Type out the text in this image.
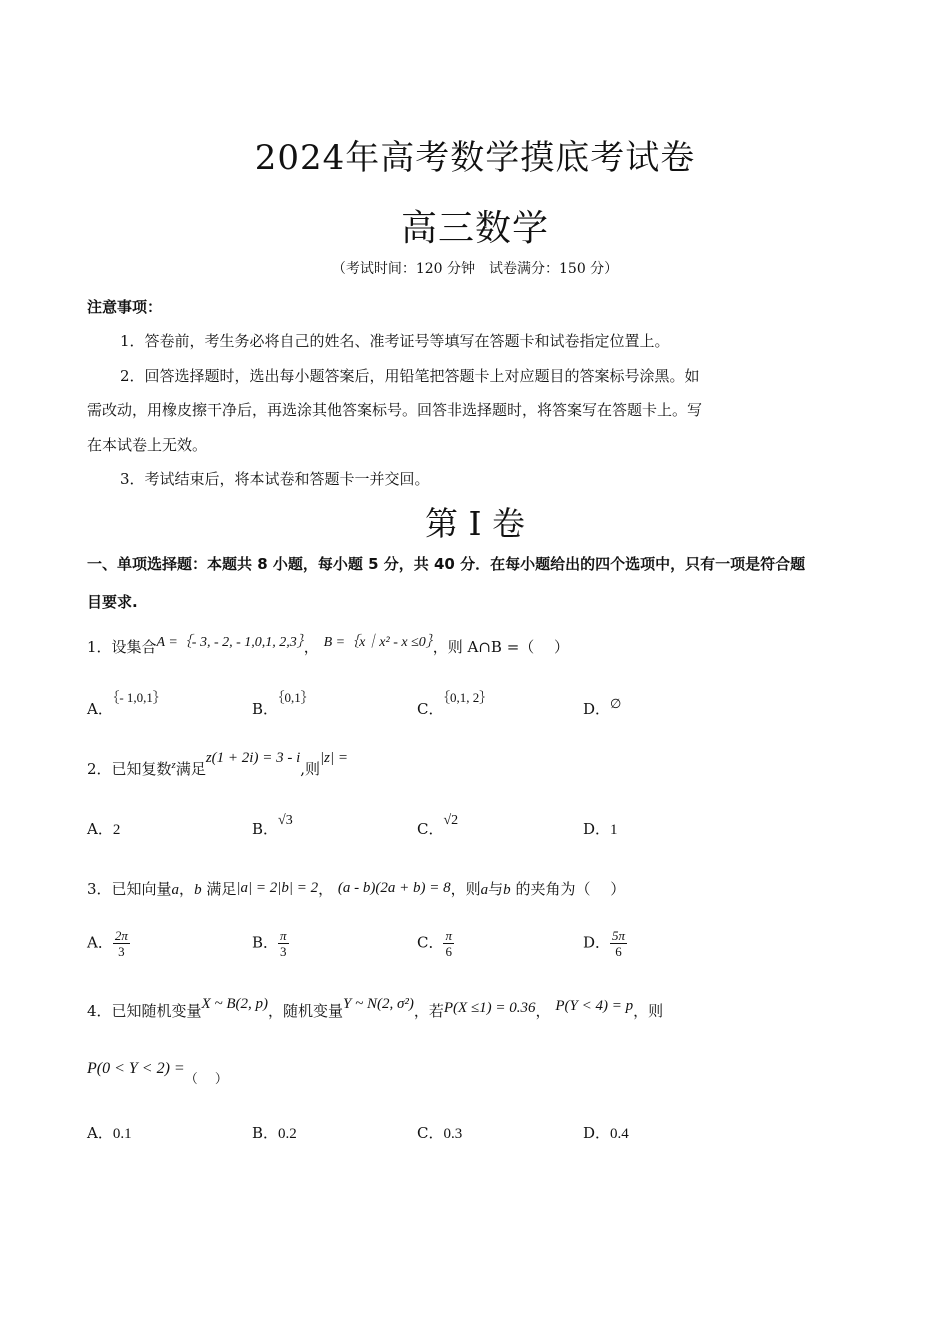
2024年高考数学摸底考试卷
高三数学
（考试时间：120 分钟　试卷满分：150 分）
注意事项：
1．答卷前，考生务必将自己的姓名、准考证号等填写在答题卡和试卷指定位置上。
2．回答选择题时，选出每小题答案后，用铅笔把答题卡上对应题目的答案标号涂黑。如
需改动，用橡皮擦干净后，再选涂其他答案标号。回答非选择题时，将答案写在答题卡上。写
在本试卷上无效。
3．考试结束后，将本试卷和答题卡一并交回。
第 I 卷
一、单项选择题：本题共 8 小题，每小题 5 分，共 40 分．在每小题给出的四个选项中，只有一项是符合题
目要求.
1．设集合A =｛- 3, - 2, - 1,0,1, 2,3｝， B =｛x｜x² - x ≤0｝，则 A∩B =（　 ）
A．｛- 1,0,1｝
B．｛0,1｝
C．｛0,1, 2｝
D．∅
2．已知复数$^z$满足z(1 + 2i) = 3 - i,则|z| =
A．2	B．√3	C．√2	D．1
3．已知向量a，b 满足|a| = 2|b| = 2， (a - b)(2a + b) = 8，则a与b 的夹角为（　 ）
A． $\frac{2\pi}{3}$	B． $\frac{\pi}{3}$	C． $\frac{\pi}{6}$	D． $\frac{5\pi}{6}$
4．已知随机变量X ~ B(2, p)，随机变量Y ~ N(2, σ²)，若P(X ≤1) = 0.36， P(Y < 4) = p，则
P(0 < Y < 2) =（　 ）
A．0.1	B．0.2	C．0.3	D．0.4
